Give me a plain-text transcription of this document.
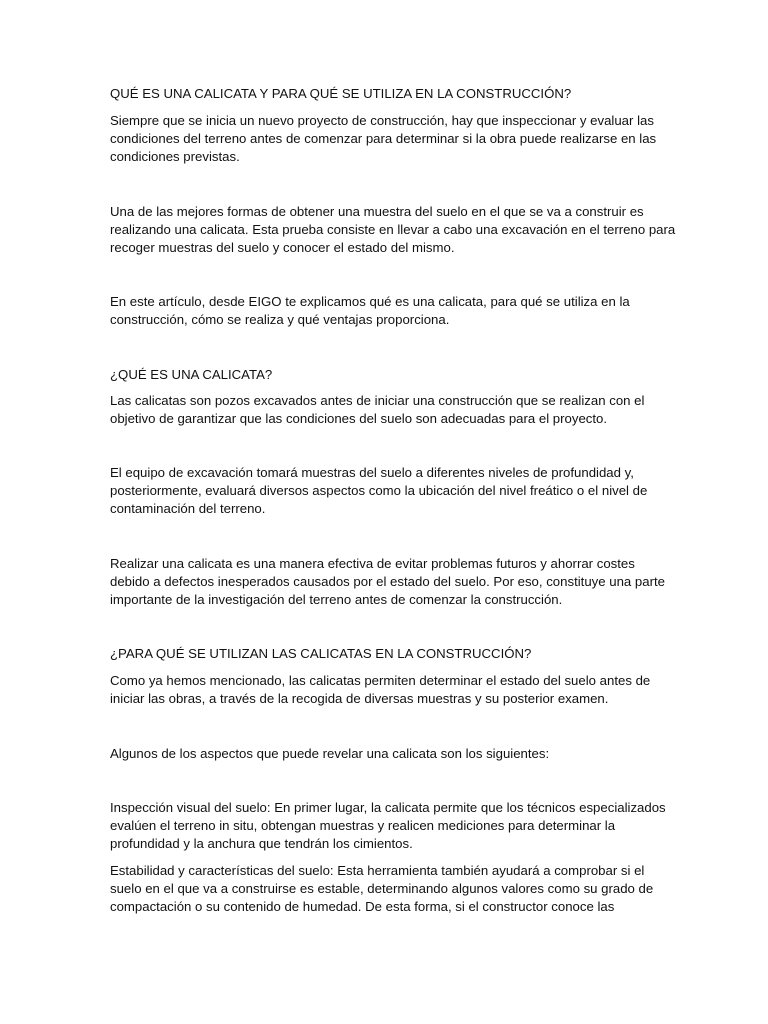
QUÉ ES UNA CALICATA Y PARA QUÉ SE UTILIZA EN LA CONSTRUCCIÓN?

Siempre que se inicia un nuevo proyecto de construcción, hay que inspeccionar y evaluar las

condiciones del terreno antes de comenzar para determinar si la obra puede realizarse en las

condiciones previstas.

Una de las mejores formas de obtener una muestra del suelo en el que se va a construir es

realizando una calicata. Esta prueba consiste en llevar a cabo una excavación en el terreno para

recoger muestras del suelo y conocer el estado del mismo.

En este artículo, desde EIGO te explicamos qué es una calicata, para qué se utiliza en la

construcción, cómo se realiza y qué ventajas proporciona.

¿QUÉ ES UNA CALICATA?

Las calicatas son pozos excavados antes de iniciar una construcción que se realizan con el

objetivo de garantizar que las condiciones del suelo son adecuadas para el proyecto.

El equipo de excavación tomará muestras del suelo a diferentes niveles de profundidad y,

posteriormente, evaluará diversos aspectos como la ubicación del nivel freático o el nivel de

contaminación del terreno.

Realizar una calicata es una manera efectiva de evitar problemas futuros y ahorrar costes

debido a defectos inesperados causados por el estado del suelo. Por eso, constituye una parte

importante de la investigación del terreno antes de comenzar la construcción.

¿PARA QUÉ SE UTILIZAN LAS CALICATAS EN LA CONSTRUCCIÓN?

Como ya hemos mencionado, las calicatas permiten determinar el estado del suelo antes de

iniciar las obras, a través de la recogida de diversas muestras y su posterior examen.

Algunos de los aspectos que puede revelar una calicata son los siguientes:

Inspección visual del suelo: En primer lugar, la calicata permite que los técnicos especializados

evalúen el terreno in situ, obtengan muestras y realicen mediciones para determinar la

profundidad y la anchura que tendrán los cimientos.

Estabilidad y características del suelo: Esta herramienta también ayudará a comprobar si el

suelo en el que va a construirse es estable, determinando algunos valores como su grado de

compactación o su contenido de humedad. De esta forma, si el constructor conoce las
